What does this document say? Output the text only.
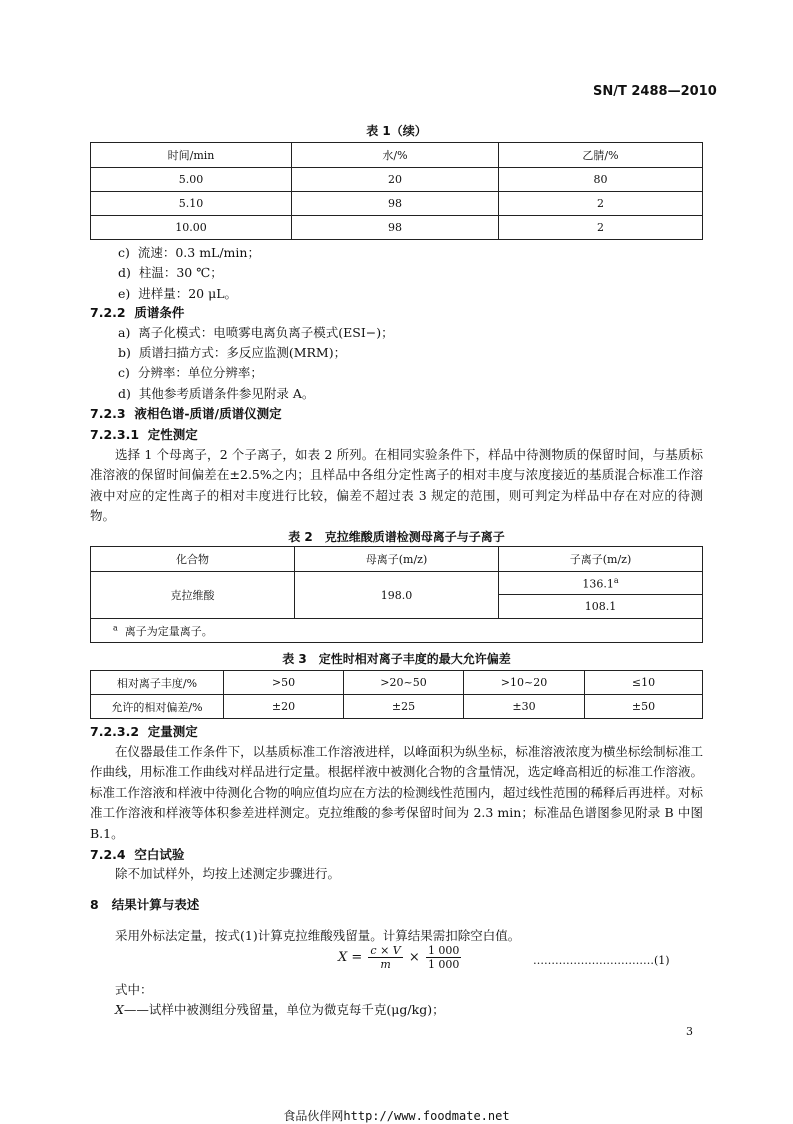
SN/T 2488—2010
表 1（续）
时间/min	水/%	乙腈/%
5.00	20	80
5.10	98	2
10.00	98	2
c) 流速：0.3 mL/min；
d) 柱温：30 ℃；
e) 进样量：20 μL。
7.2.2 质谱条件
a) 离子化模式：电喷雾电离负离子模式(ESI−)；
b) 质谱扫描方式：多反应监测(MRM)；
c) 分辨率：单位分辨率；
d) 其他参考质谱条件参见附录 A。
7.2.3 液相色谱-质谱/质谱仪测定
7.2.3.1 定性测定
选择 1 个母离子，2 个子离子，如表 2 所列。在相同实验条件下，样品中待测物质的保留时间，与基质标准溶液的保留时间偏差在±2.5%之内；且样品中各组分定性离子的相对丰度与浓度接近的基质混合标准工作溶液中对应的定性离子的相对丰度进行比较，偏差不超过表 3 规定的范围，则可判定为样品中存在对应的待测物。
表 2　克拉维酸质谱检测母离子与子离子
化合物	母离子(m/z)	子离子(m/z)
克拉维酸	198.0	136.1$^a$
		108.1
$^a$ 离子为定量离子。		
表 3　定性时相对离子丰度的最大允许偏差
相对离子丰度/%	>50	>20~50	>10~20	≤10
允许的相对偏差/%	±20	±25	±30	±50
7.2.3.2 定量测定
在仪器最佳工作条件下，以基质标准工作溶液进样，以峰面积为纵坐标，标准溶液浓度为横坐标绘制标准工作曲线，用标准工作曲线对样品进行定量。根据样液中被测化合物的含量情况，选定峰高相近的标准工作溶液。标准工作溶液和样液中待测化合物的响应值均应在方法的检测线性范围内，超过线性范围的稀释后再进样。对标准工作溶液和样液等体积参差进样测定。克拉维酸的参考保留时间为 2.3 min；标准品色谱图参见附录 B 中图 B.1。
7.2.4 空白试验
除不加试样外，均按上述测定步骤进行。
8 结果计算与表述
采用外标法定量，按式(1)计算克拉维酸残留量。计算结果需扣除空白值。
$X = \frac{c \times V}{m} \times \frac{1 000}{1 000}$	……………………………(1)
式中：
X——试样中被测组分残留量，单位为微克每千克(μg/kg)；
3
食品伙伴网http://www.foodmate.net
